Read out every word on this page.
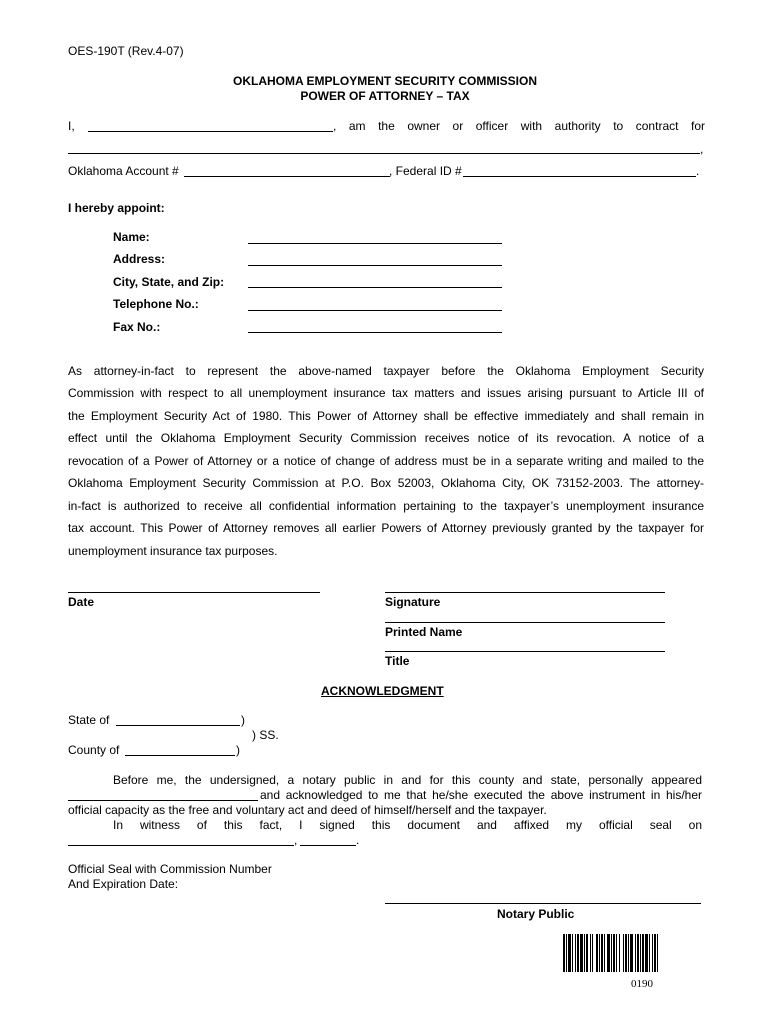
OES-190T (Rev.4-07)
OKLAHOMA EMPLOYMENT SECURITY COMMISSION
POWER OF ATTORNEY – TAX
I,	, am the owner or officer with authority to contract for
,
Oklahoma Account #	, Federal ID #	.
I hereby appoint:
Name:
Address:
City, State, and Zip:
Telephone No.:
Fax No.:
As attorney-in-fact to represent the above-named taxpayer before the Oklahoma Employment Security
Commission with respect to all unemployment insurance tax matters and issues arising pursuant to Article III of
the Employment Security Act of 1980. This Power of Attorney shall be effective immediately and shall remain in
effect until the Oklahoma Employment Security Commission receives notice of its revocation. A notice of a
revocation of a Power of Attorney or a notice of change of address must be in a separate writing and mailed to the
Oklahoma Employment Security Commission at P.O. Box 52003, Oklahoma City, OK 73152-2003. The attorney-
in-fact is authorized to receive all confidential information pertaining to the taxpayer’s unemployment insurance
tax account. This Power of Attorney removes all earlier Powers of Attorney previously granted by the taxpayer for
unemployment insurance tax purposes.
Date	Signature
Printed Name
Title
ACKNOWLEDGMENT
State of	)
) SS.
County of	)
Before me, the undersigned, a notary public in and for this county and state, personally appeared
and acknowledged to me that he/she executed the above instrument in his/her
official capacity as the free and voluntary act and deed of himself/herself and the taxpayer.
In witness of this fact, I signed this document and affixed my official seal on
,	.
Official Seal with Commission Number
And Expiration Date:
Notary Public
0190
